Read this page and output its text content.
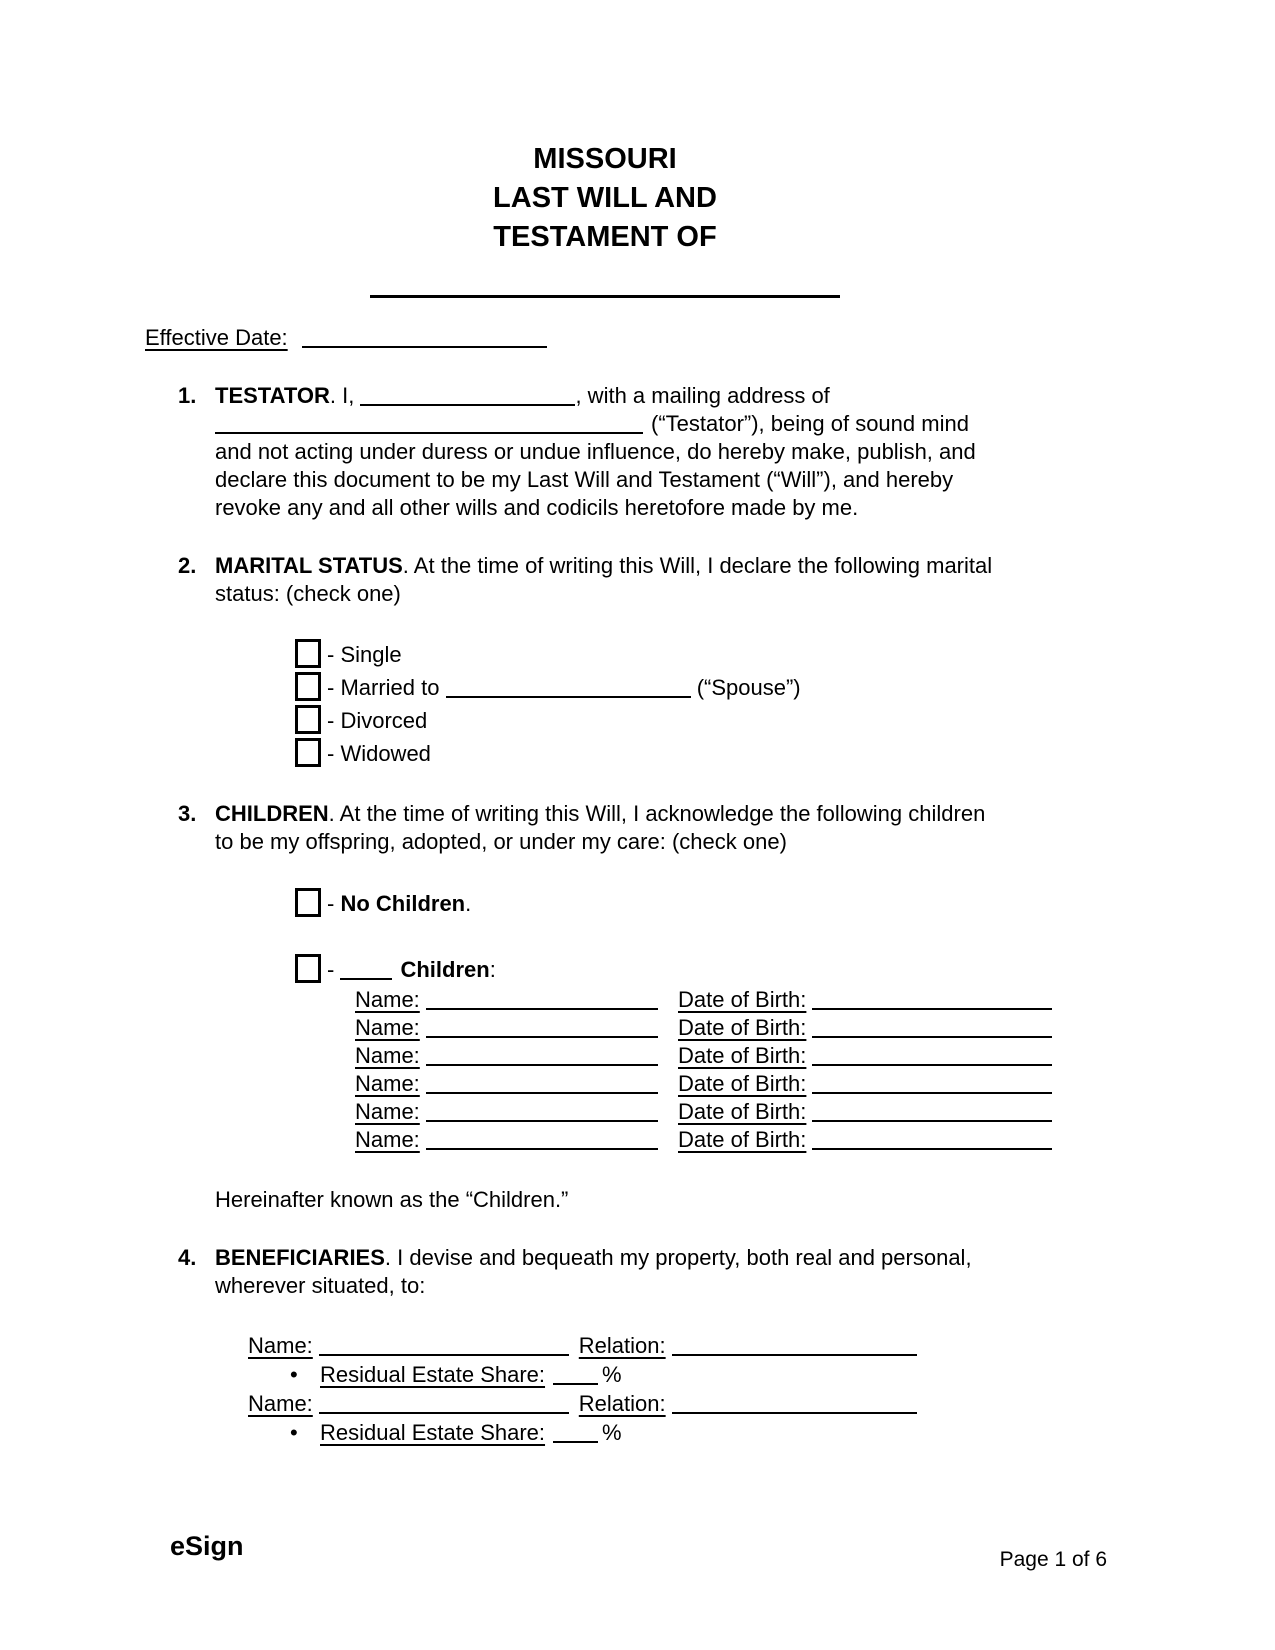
MISSOURI
LAST WILL AND
TESTAMENT OF
Effective Date:
1. TESTATOR. I,	, with a mailing address of
(“Testator”), being of sound mind
and not acting under duress or undue influence, do hereby make, publish, and
declare this document to be my Last Will and Testament (“Will”), and hereby
revoke any and all other wills and codicils heretofore made by me.
2. MARITAL STATUS. At the time of writing this Will, I declare the following marital
status: (check one)
- Single
- Married to	(“Spouse”)
- Divorced
- Widowed
3. CHILDREN. At the time of writing this Will, I acknowledge the following children
to be my offspring, adopted, or under my care: (check one)
- No Children.
-	Children:
Name:	Date of Birth:
Name:	Date of Birth:
Name:	Date of Birth:
Name:	Date of Birth:
Name:	Date of Birth:
Name:	Date of Birth:
Hereinafter known as the “Children.”
4. BENEFICIARIES. I devise and bequeath my property, both real and personal,
wherever situated, to:
Name:	Relation:
• Residual Estate Share:	%
Name:	Relation:
• Residual Estate Share:	%
eSign	Page 1 of 6
